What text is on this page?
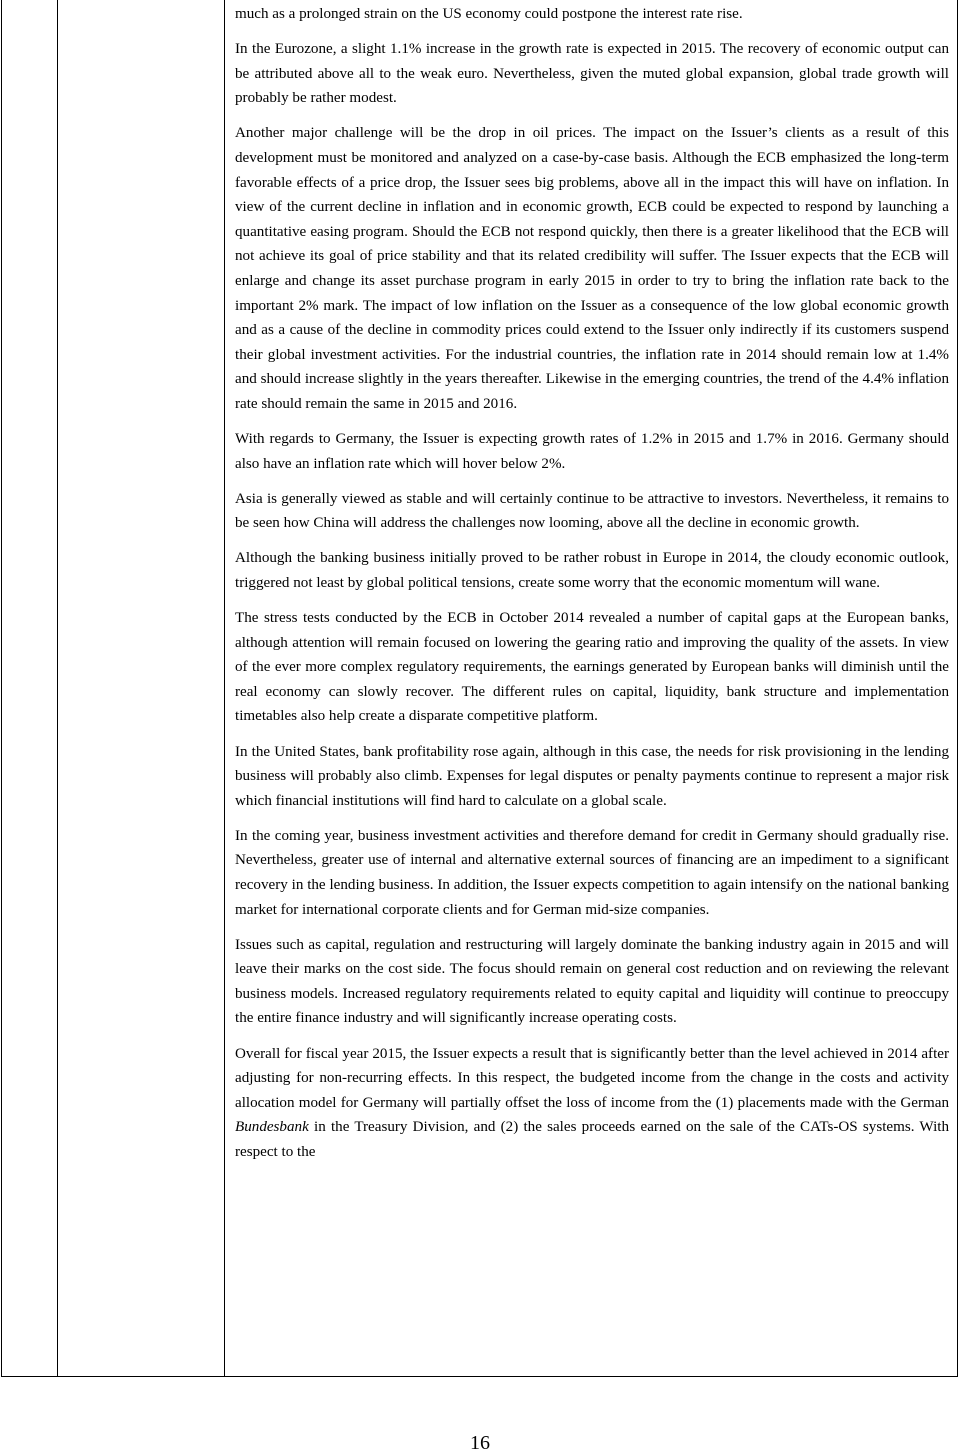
much as a prolonged strain on the US economy could postpone the interest rate rise.

In the Eurozone, a slight 1.1% increase in the growth rate is expected in 2015. The recovery of economic output can be attributed above all to the weak euro. Nevertheless, given the muted global expansion, global trade growth will probably be rather modest.

Another major challenge will be the drop in oil prices. The impact on the Issuer’s clients as a result of this development must be monitored and analyzed on a case-by-case basis. Although the ECB emphasized the long-term favorable effects of a price drop, the Issuer sees big problems, above all in the impact this will have on inflation. In view of the current decline in inflation and in economic growth, ECB could be expected to respond by launching a quantitative easing program. Should the ECB not respond quickly, then there is a greater likelihood that the ECB will not achieve its goal of price stability and that its related credibility will suffer. The Issuer expects that the ECB will enlarge and change its asset purchase program in early 2015 in order to try to bring the inflation rate back to the important 2% mark. The impact of low inflation on the Issuer as a consequence of the low global economic growth and as a cause of the decline in commodity prices could extend to the Issuer only indirectly if its customers suspend their global investment activities. For the industrial countries, the inflation rate in 2014 should remain low at 1.4% and should increase slightly in the years thereafter. Likewise in the emerging countries, the trend of the 4.4% inflation rate should remain the same in 2015 and 2016.

With regards to Germany, the Issuer is expecting growth rates of 1.2% in 2015 and 1.7% in 2016. Germany should also have an inflation rate which will hover below 2%.

Asia is generally viewed as stable and will certainly continue to be attractive to investors. Nevertheless, it remains to be seen how China will address the challenges now looming, above all the decline in economic growth.

Although the banking business initially proved to be rather robust in Europe in 2014, the cloudy economic outlook, triggered not least by global political tensions, create some worry that the economic momentum will wane.

The stress tests conducted by the ECB in October 2014 revealed a number of capital gaps at the European banks, although attention will remain focused on lowering the gearing ratio and improving the quality of the assets. In view of the ever more complex regulatory requirements, the earnings generated by European banks will diminish until the real economy can slowly recover. The different rules on capital, liquidity, bank structure and implementation timetables also help create a disparate competitive platform.

In the United States, bank profitability rose again, although in this case, the needs for risk provisioning in the lending business will probably also climb. Expenses for legal disputes or penalty payments continue to represent a major risk which financial institutions will find hard to calculate on a global scale.

In the coming year, business investment activities and therefore demand for credit in Germany should gradually rise. Nevertheless, greater use of internal and alternative external sources of financing are an impediment to a significant recovery in the lending business. In addition, the Issuer expects competition to again intensify on the national banking market for international corporate clients and for German mid-size companies.

Issues such as capital, regulation and restructuring will largely dominate the banking industry again in 2015 and will leave their marks on the cost side. The focus should remain on general cost reduction and on reviewing the relevant business models. Increased regulatory requirements related to equity capital and liquidity will continue to preoccupy the entire finance industry and will significantly increase operating costs.

Overall for fiscal year 2015, the Issuer expects a result that is significantly better than the level achieved in 2014 after adjusting for non-recurring effects. In this respect, the budgeted income from the change in the costs and activity allocation model for Germany will partially offset the loss of income from the (1) placements made with the German Bundesbank in the Treasury Division, and (2) the sales proceeds earned on the sale of the CATs-OS systems. With respect to the

16
